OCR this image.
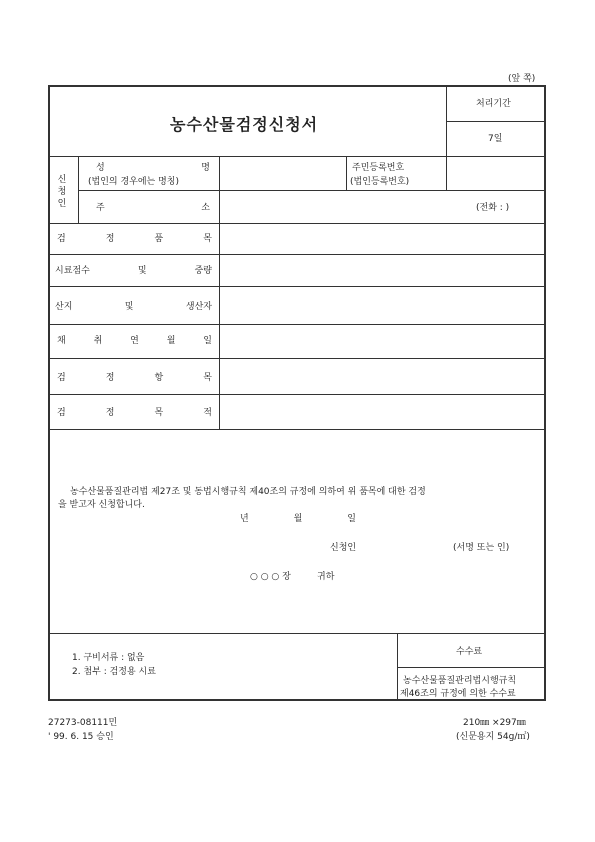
(앞 쪽)
농수산물검정신청서
처리기간
7일
신
청
인
성	명
(법인의 경우에는 명칭)
주민등록번호
(법인등록번호)
주	소	(전화 : )
검	정	품	목
시료점수	및	중량
산지	및	생산자
채	취	연	월	일
검	정	항	목
검	정	목	적
농수산물품질관리법 제27조 및 동법시행규칙 제40조의 규정에 의하여 위 품목에 대한 검정
을 받고자 신청합니다.
년	월	일
신청인	(서명 또는 인)
○ ○ ○ 장	귀하
1. 구비서류 : 없음
2. 첨부 : 검정용 시료
수수료
농수산물품질관리법시행규칙
제46조의 규정에 의한 수수료
27273-08111민
' 99. 6. 15 승인
210㎜ ×297㎜
(신문용지 54g/㎡)
